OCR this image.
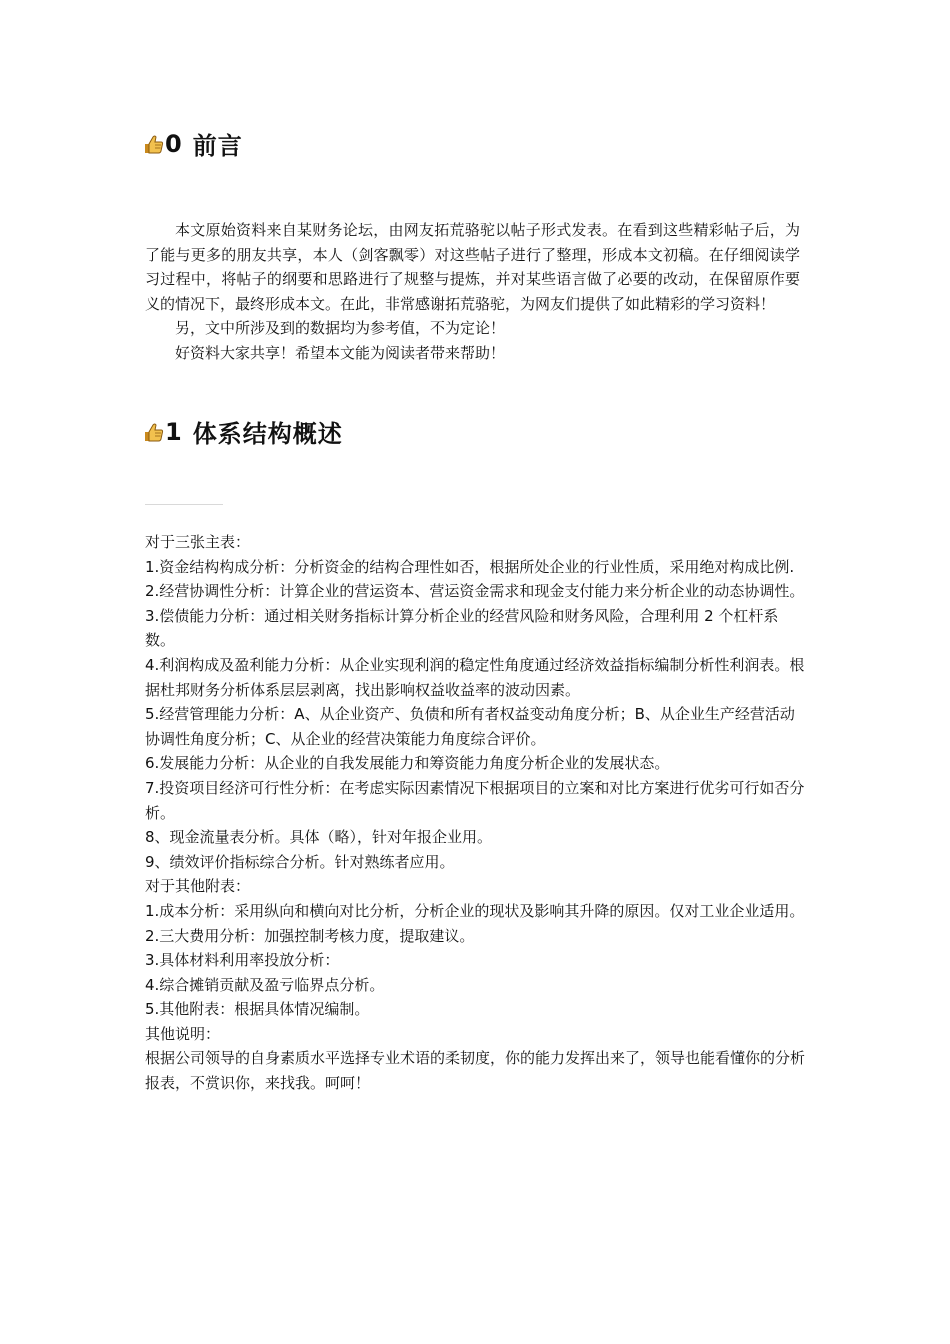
0 前言

本文原始资料来自某财务论坛，由网友拓荒骆驼以帖子形式发表。在看到这些精彩帖子后，为了能与更多的朋友共享，本人（剑客飘零）对这些帖子进行了整理，形成本文初稿。在仔细阅读学习过程中，将帖子的纲要和思路进行了规整与提炼，并对某些语言做了必要的改动，在保留原作要义的情况下，最终形成本文。在此，非常感谢拓荒骆驼，为网友们提供了如此精彩的学习资料！

另，文中所涉及到的数据均为参考值，不为定论！

好资料大家共享！希望本文能为阅读者带来帮助！

1 体系结构概述

对于三张主表：

1.资金结构构成分析：分析资金的结构合理性如否，根据所处企业的行业性质，采用绝对构成比例.

2.经营协调性分析：计算企业的营运资本、营运资金需求和现金支付能力来分析企业的动态协调性。

3.偿债能力分析：通过相关财务指标计算分析企业的经营风险和财务风险，合理利用 2 个杠杆系数。

4.利润构成及盈利能力分析：从企业实现利润的稳定性角度通过经济效益指标编制分析性利润表。根据杜邦财务分析体系层层剥离，找出影响权益收益率的波动因素。

5.经营管理能力分析：A、从企业资产、负债和所有者权益变动角度分析；B、从企业生产经营活动协调性角度分析；C、从企业的经营决策能力角度综合评价。

6.发展能力分析：从企业的自我发展能力和筹资能力角度分析企业的发展状态。

7.投资项目经济可行性分析：在考虑实际因素情况下根据项目的立案和对比方案进行优劣可行如否分析。

8、现金流量表分析。具体（略），针对年报企业用。

9、绩效评价指标综合分析。针对熟练者应用。

对于其他附表：

1.成本分析：采用纵向和横向对比分析，分析企业的现状及影响其升降的原因。仅对工业企业适用。

2.三大费用分析：加强控制考核力度，提取建议。

3.具体材料利用率投放分析：

4.综合摊销贡献及盈亏临界点分析。

5.其他附表：根据具体情况编制。

其他说明：

根据公司领导的自身素质水平选择专业术语的柔韧度，你的能力发挥出来了，领导也能看懂你的分析报表，不赏识你，来找我。呵呵！
